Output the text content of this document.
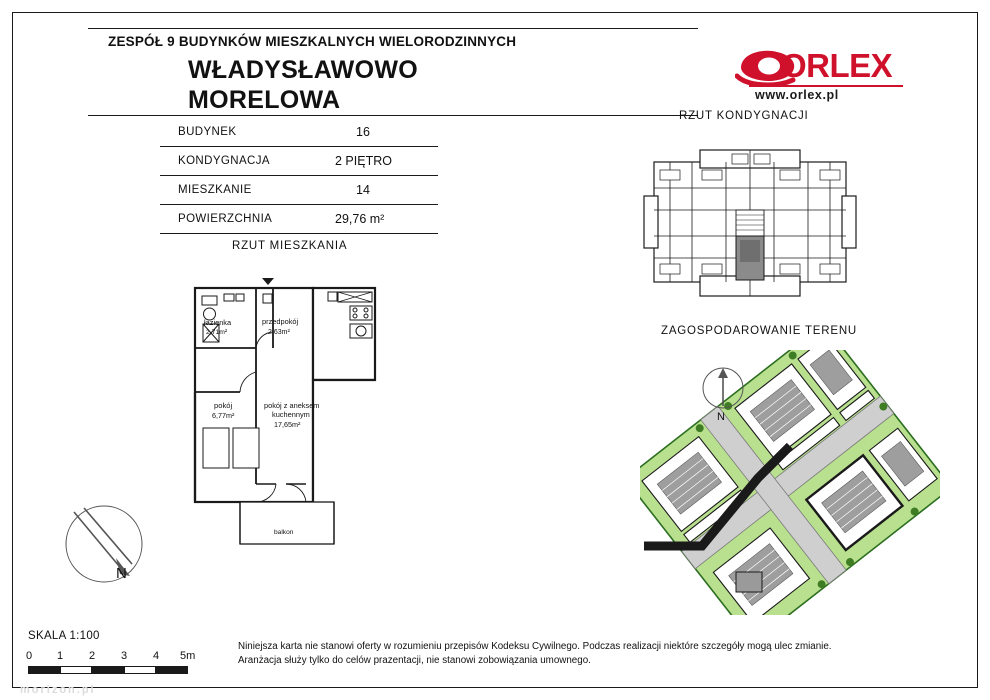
ZESPÓŁ 9 BUDYNKÓW MIESZKALNYCH WIELORODZINNYCH
WŁADYSŁAWOWO
MORELOWA
ORLEX
www.orlex.pl
BUDYNEK	16
KONDYGNACJA	2 PIĘTRO
MIESZKANIE	14
POWIERZCHNIA	29,76 m²
RZUT MIESZKANIA
RZUT KONDYGNACJI
ZAGOSPODAROWANIE TERENU
łazienka
2,71m²
przedpokój
2,63m²
pokój
6,77m²
pokój z aneksem
kuchennym
17,65m²
balkon
N
N
SKALA 1:100
0 1 2 3 4 5m
Niniejsza karta nie stanowi oferty w rozumieniu przepisów Kodeksu Cywilnego. Podczas realizacji niektóre szczegóły mogą ulec zmianie.
Aranżacja służy tylko do celów prazentacji, nie stanowi zobowiązania umownego.
morizon.pl
